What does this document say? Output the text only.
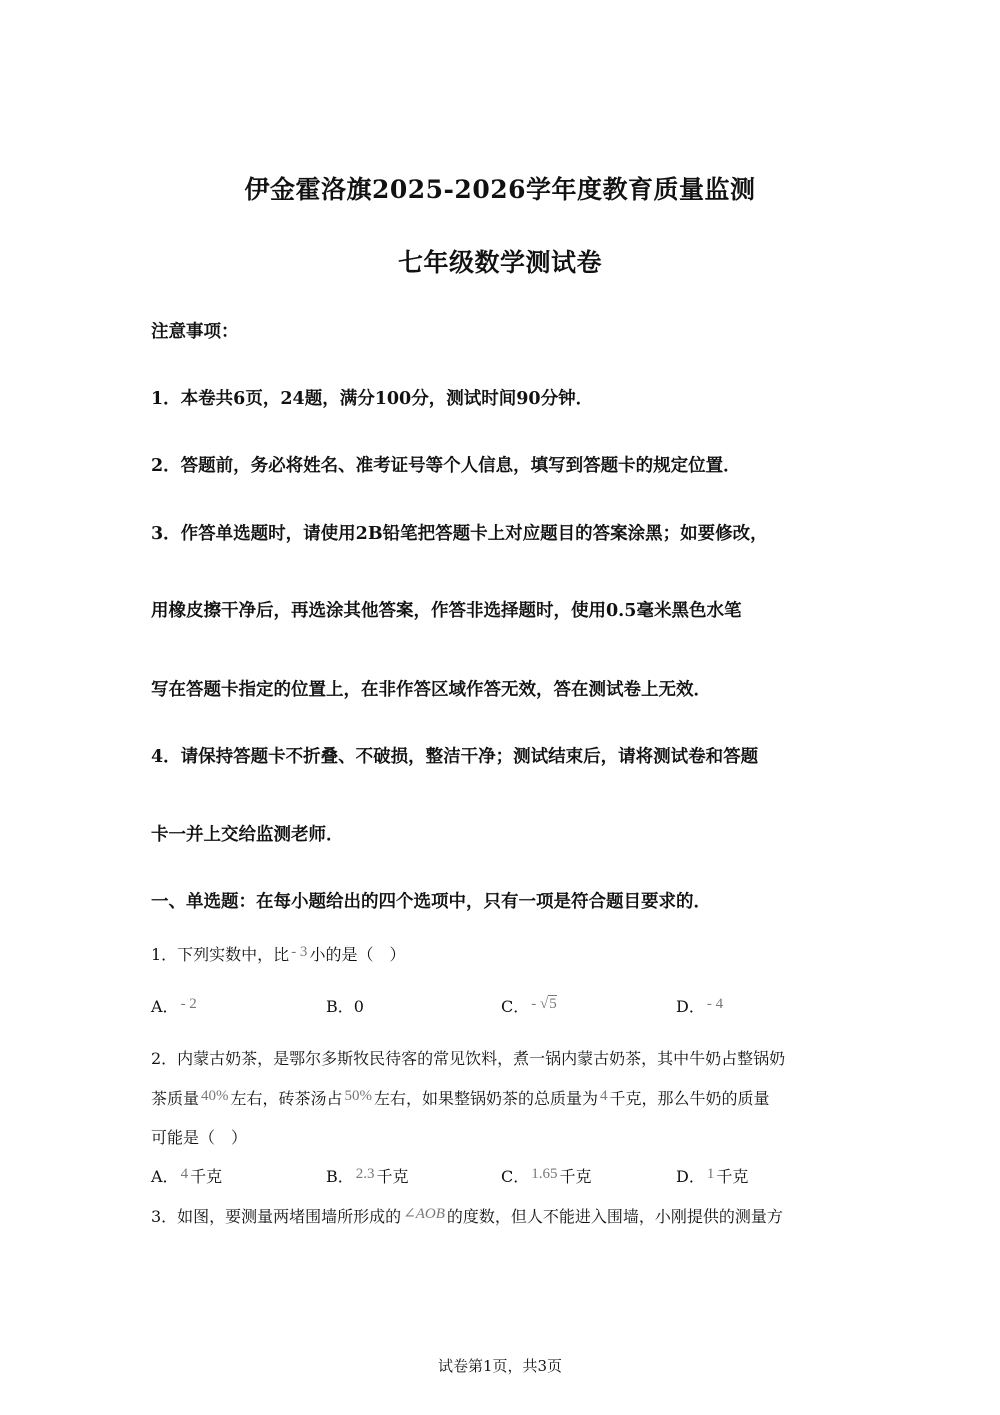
伊金霍洛旗2025-2026学年度教育质量监测
七年级数学测试卷
注意事项：
1．本卷共6页，24题，满分100分，测试时间90分钟．
2．答题前，务必将姓名、准考证号等个人信息，填写到答题卡的规定位置．
3．作答单选题时，请使用2B铅笔把答题卡上对应题目的答案涂黑；如要修改，
用橡皮擦干净后，再选涂其他答案，作答非选择题时，使用0.5毫米黑色水笔
写在答题卡指定的位置上，在非作答区域作答无效，答在测试卷上无效．
4．请保持答题卡不折叠、不破损，整洁干净；测试结束后，请将测试卷和答题
卡一并上交给监测老师．
一、单选题：在每小题给出的四个选项中，只有一项是符合题目要求的．
1．下列实数中，比 - 3 小的是（　）
A． - 2	B．0	C． - √5	D． - 4
2．内蒙古奶茶，是鄂尔多斯牧民待客的常见饮料，煮一锅内蒙古奶茶，其中牛奶占整锅奶
茶质量 40% 左右，砖茶汤占 50% 左右，如果整锅奶茶的总质量为 4 千克，那么牛奶的质量
可能是（　）
A． 4 千克	B． 2.3 千克	C． 1.65 千克	D． 1 千克
3．如图，要测量两堵围墙所形成的 ∠AOB 的度数，但人不能进入围墙，小刚提供的测量方
试卷第1页，共3页
